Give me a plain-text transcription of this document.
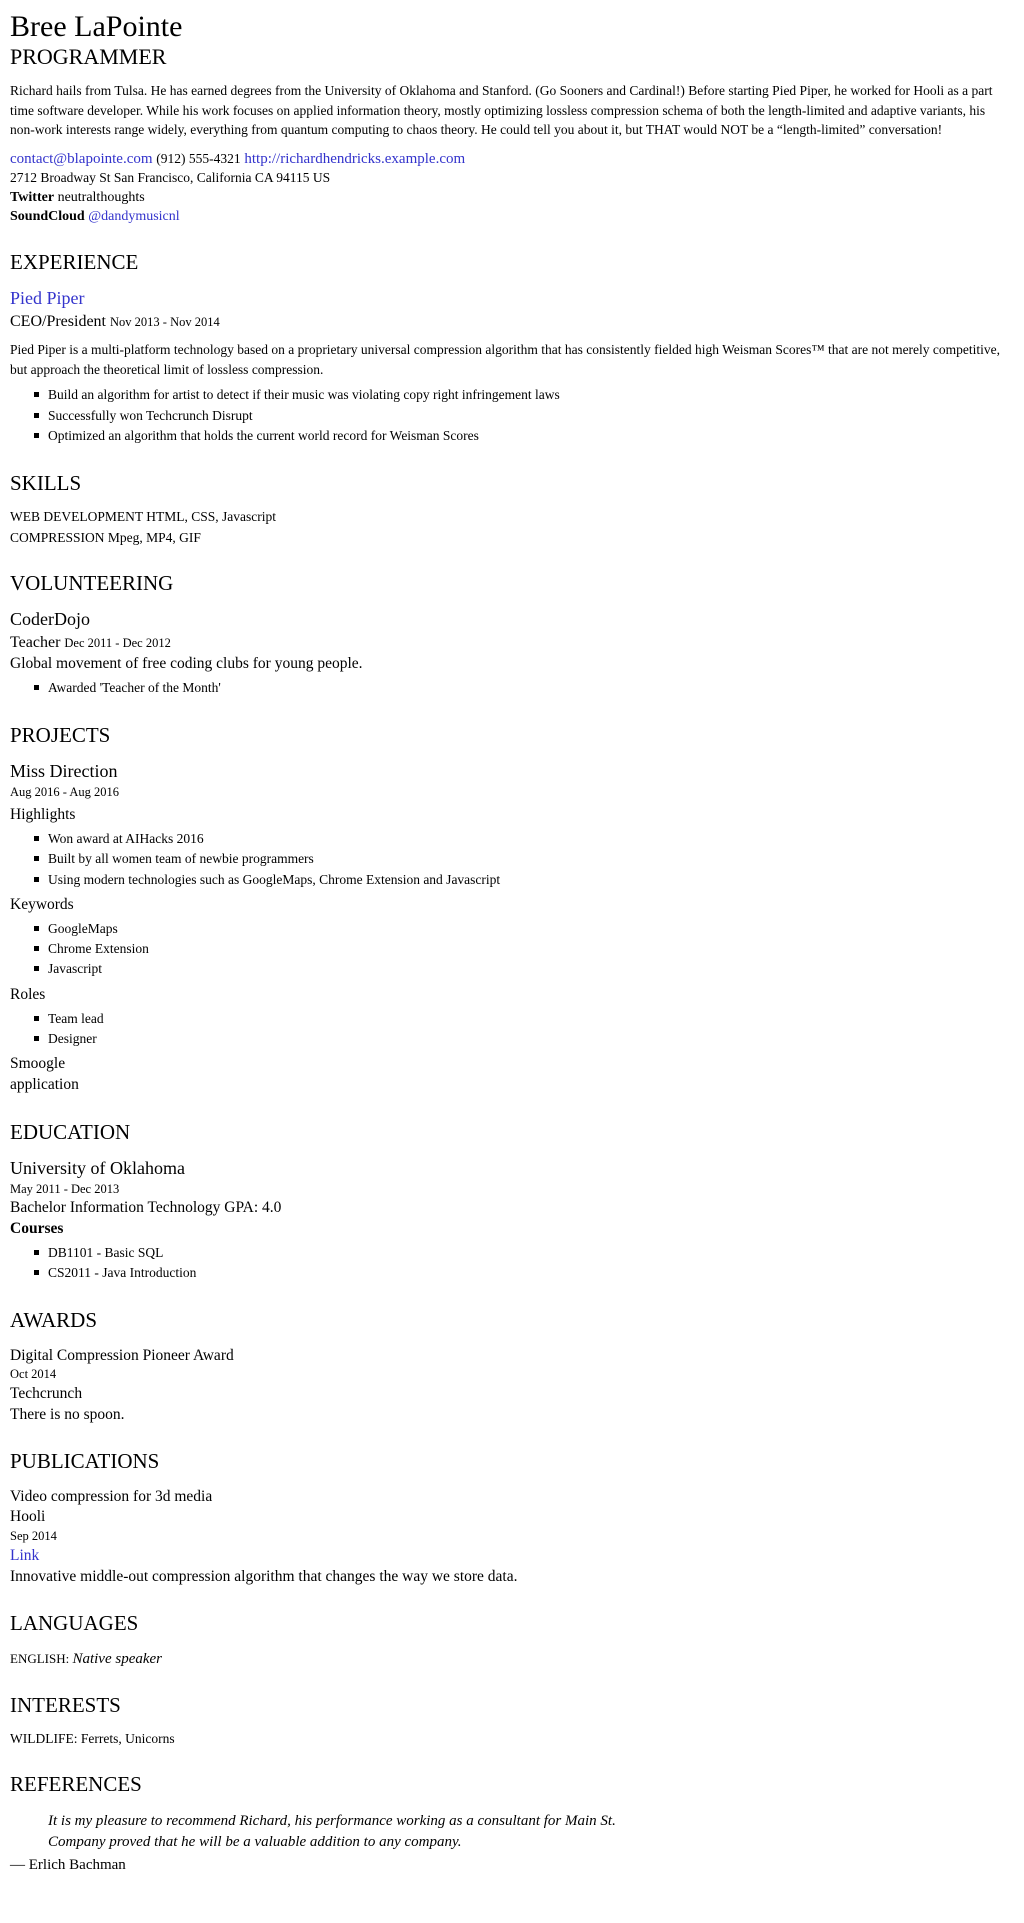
Bree LaPointe
PROGRAMMER

Richard hails from Tulsa. He has earned degrees from the University of Oklahoma and Stanford. (Go Sooners and Cardinal!) Before starting Pied Piper, he worked for Hooli as a part time software developer. While his work focuses on applied information theory, mostly optimizing lossless compression schema of both the length-limited and adaptive variants, his non-work interests range widely, everything from quantum computing to chaos theory. He could tell you about it, but THAT would NOT be a “length-limited” conversation!

contact@blapointe.com (912) 555-4321 http://richardhendricks.example.com
2712 Broadway St San Francisco, California CA 94115 US
Twitter neutralthoughts
SoundCloud @dandymusicnl
EXPERIENCE
Pied Piper
CEO/President Nov 2013 - Nov 2014

Pied Piper is a multi-platform technology based on a proprietary universal compression algorithm that has consistently fielded high Weisman Scores™ that are not merely competitive, but approach the theoretical limit of lossless compression.

Build an algorithm for artist to detect if their music was violating copy right infringement laws
Successfully won Techcrunch Disrupt
Optimized an algorithm that holds the current world record for Weisman Scores
SKILLS
WEB DEVELOPMENT HTML, CSS, Javascript
COMPRESSION Mpeg, MP4, GIF
VOLUNTEERING
CoderDojo
Teacher Dec 2011 - Dec 2012
Global movement of free coding clubs for young people.
Awarded 'Teacher of the Month'
PROJECTS
Miss Direction
Aug 2016 - Aug 2016
Highlights
Won award at AIHacks 2016
Built by all women team of newbie programmers
Using modern technologies such as GoogleMaps, Chrome Extension and Javascript
Keywords
GoogleMaps
Chrome Extension
Javascript
Roles
Team lead
Designer
Smoogle
application
EDUCATION
University of Oklahoma
May 2011 - Dec 2013
Bachelor Information Technology GPA: 4.0
Courses
DB1101 - Basic SQL
CS2011 - Java Introduction
AWARDS
Digital Compression Pioneer Award
Oct 2014
Techcrunch
There is no spoon.
PUBLICATIONS
Video compression for 3d media
Hooli
Sep 2014
Link
Innovative middle-out compression algorithm that changes the way we store data.
LANGUAGES
ENGLISH: Native speaker
INTERESTS
WILDLIFE: Ferrets, Unicorns
REFERENCES
It is my pleasure to recommend Richard, his performance working as a consultant for Main St. Company proved that he will be a valuable addition to any company.
— Erlich Bachman
